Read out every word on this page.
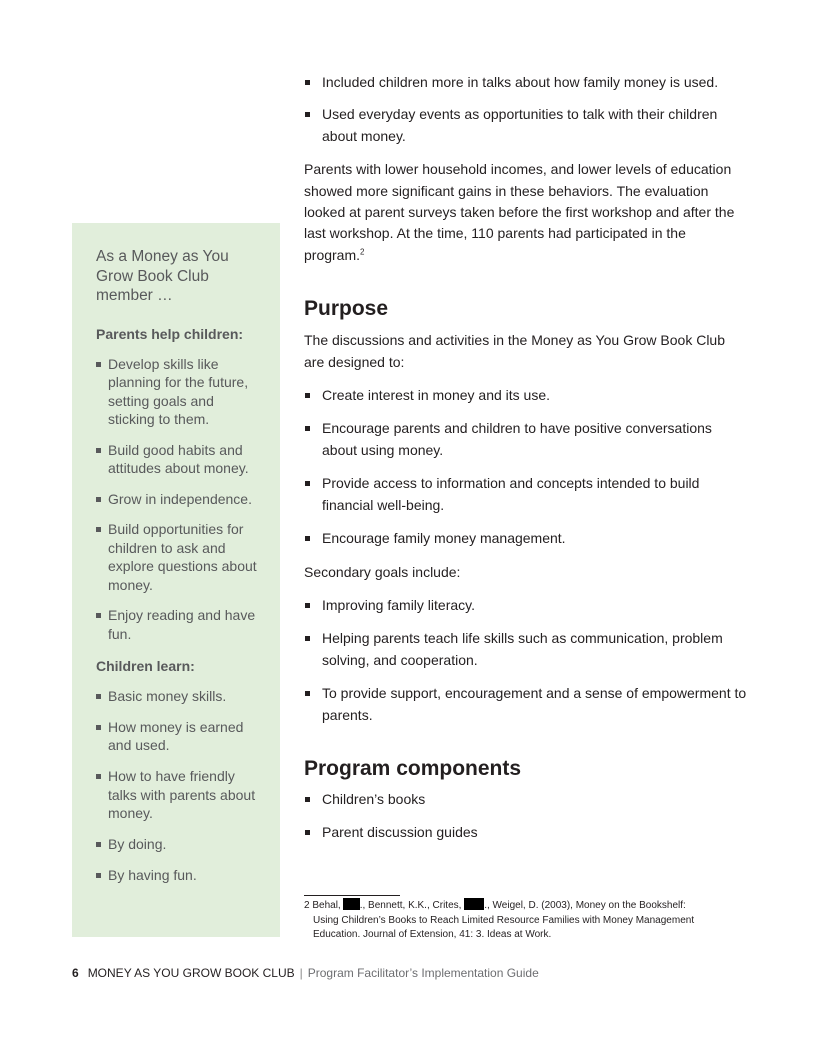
As a Money as You Grow Book Club member …
Parents help children:
Develop skills like planning for the future, setting goals and sticking to them.
Build good habits and attitudes about money.
Grow in independence.
Build opportunities for children to ask and explore questions about money.
Enjoy reading and have fun.
Children learn:
Basic money skills.
How money is earned and used.
How to have friendly talks with parents about money.
By doing.
By having fun.
Included children more in talks about how family money is used.
Used everyday events as opportunities to talk with their children about money.

Parents with lower household incomes, and lower levels of education showed more significant gains in these behaviors. The evaluation looked at parent surveys taken before the first workshop and after the last workshop. At the time, 110 parents had participated in the program.$^2$

Purpose

The discussions and activities in the Money as You Grow Book Club are designed to:

Create interest in money and its use.
Encourage parents and children to have positive conversations about using money.
Provide access to information and concepts intended to build financial well-being.
Encourage family money management.

Secondary goals include:

Improving family literacy.
Helping parents teach life skills such as communication, problem solving, and cooperation.
To provide support, encouragement and a sense of empowerment to parents.
Program components
Children’s books
Parent discussion guides
2 Behal, ., Bennett, K.K., Crites, ., Weigel, D. (2003), Money on the Bookshelf:
Using Children’s Books to Reach Limited Resource Families with Money Management
Education. Journal of Extension, 41: 3. Ideas at Work.
6 MONEY AS YOU GROW BOOK CLUB | Program Facilitator’s Implementation Guide
